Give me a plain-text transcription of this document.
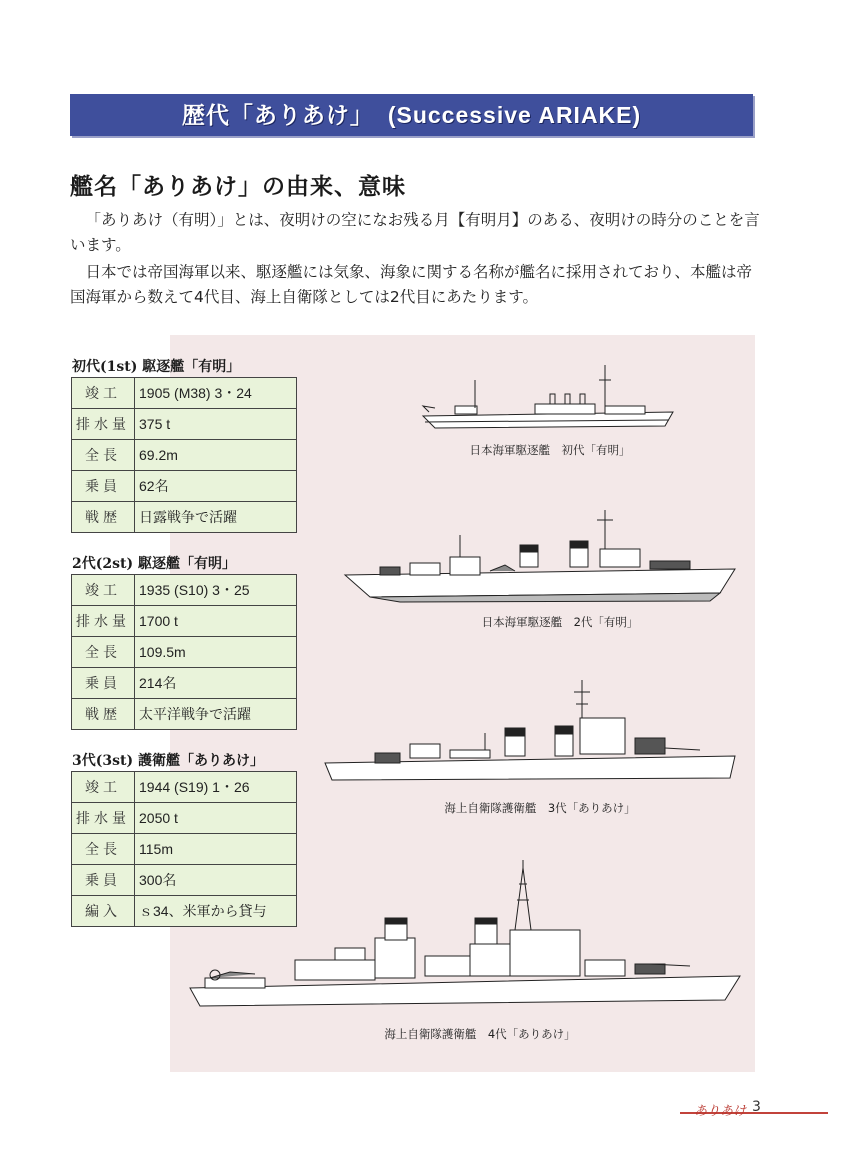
歴代「ありあけ」 (Successive ARIAKE)
艦名「ありあけ」の由来、意味

「ありあけ（有明）」とは、夜明けの空になお残る月【有明月】のある、夜明けの時分のことを言います。

日本では帝国海軍以来、駆逐艦には気象、海象に関する名称が艦名に採用されており、本艦は帝国海軍から数えて4代目、海上自衛隊としては2代目にあたります。

初代(1st) 駆逐艦「有明」
竣工	1905 (M38) 3・24
排水量	375 t
全長	69.2m
乗員	62名
戦歴	日露戦争で活躍
2代(2st) 駆逐艦「有明」
竣工	1935 (S10) 3・25
排水量	1700 t
全長	109.5m
乗員	214名
戦歴	太平洋戦争で活躍
3代(3st) 護衛艦「ありあけ」
竣工	1944 (S19) 1・26
排水量	2050 t
全長	115m
乗員	300名
編入	ｓ34、米軍から貸与
日本海軍駆逐艦　初代「有明」
日本海軍駆逐艦　2代「有明」
海上自衛隊護衛艦　3代「ありあけ」
海上自衛隊護衛艦　4代「ありあけ」
ありあけ 3
